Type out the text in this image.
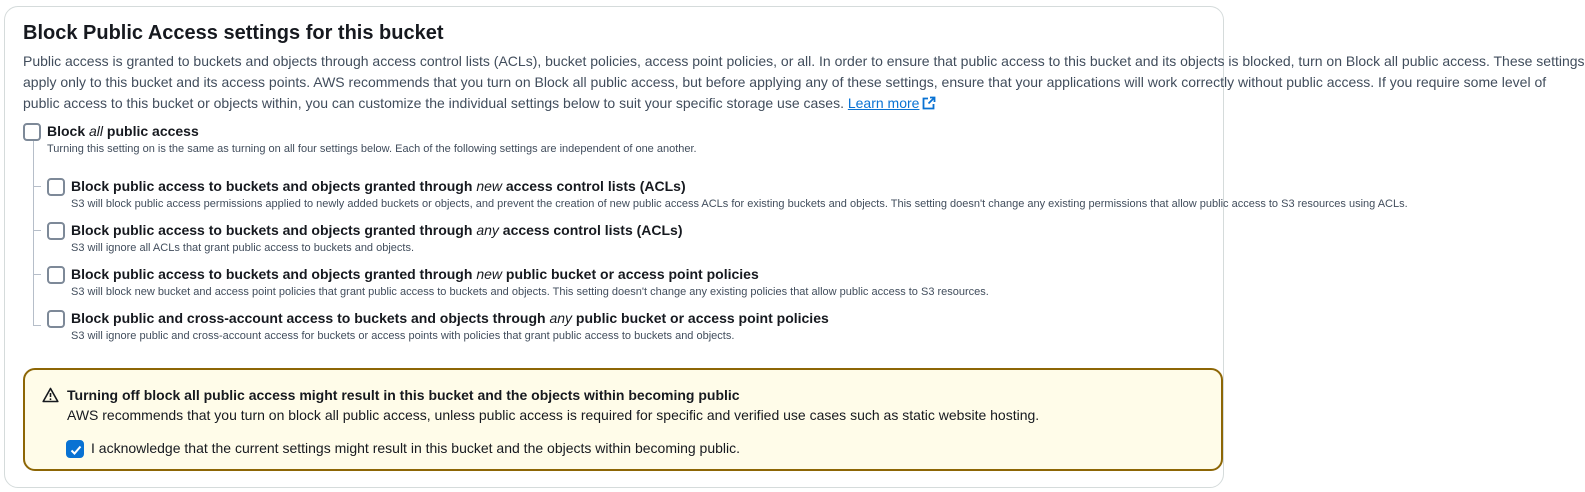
Block Public Access settings for this bucket
Public access is granted to buckets and objects through access control lists (ACLs), bucket policies, access point policies, or all. In order to ensure that public access to this bucket and its objects is blocked, turn on Block all public access. These settings
apply only to this bucket and its access points. AWS recommends that you turn on Block all public access, but before applying any of these settings, ensure that your applications will work correctly without public access. If you require some level of
public access to this bucket or objects within, you can customize the individual settings below to suit your specific storage use cases. Learn more
Block all public access
Turning this setting on is the same as turning on all four settings below. Each of the following settings are independent of one another.
Block public access to buckets and objects granted through new access control lists (ACLs)
S3 will block public access permissions applied to newly added buckets or objects, and prevent the creation of new public access ACLs for existing buckets and objects. This setting doesn't change any existing permissions that allow public access to S3 resources using ACLs.
Block public access to buckets and objects granted through any access control lists (ACLs)
S3 will ignore all ACLs that grant public access to buckets and objects.
Block public access to buckets and objects granted through new public bucket or access point policies
S3 will block new bucket and access point policies that grant public access to buckets and objects. This setting doesn't change any existing policies that allow public access to S3 resources.
Block public and cross-account access to buckets and objects through any public bucket or access point policies
S3 will ignore public and cross-account access for buckets or access points with policies that grant public access to buckets and objects.
Turning off block all public access might result in this bucket and the objects within becoming public
AWS recommends that you turn on block all public access, unless public access is required for specific and verified use cases such as static website hosting.
I acknowledge that the current settings might result in this bucket and the objects within becoming public.
